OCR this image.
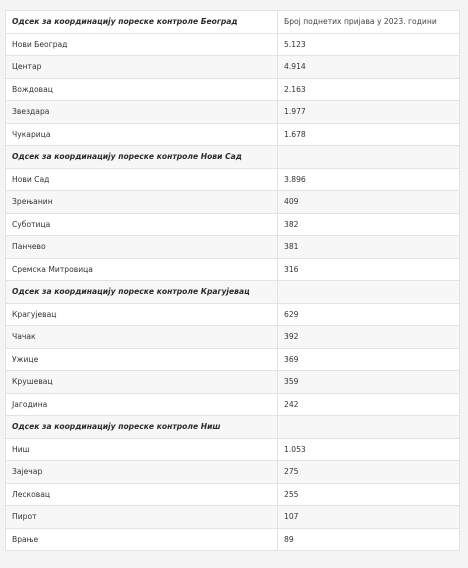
Одсек за координацију пореске контроле Београд	Број поднетих пријава у 2023. години
Нови Београд	5.123
Центар	4.914
Вождовац	2.163
Звездара	1.977
Чукарица	1.678
Одсек за координацију пореске контроле Нови Сад	
Нови Сад	3.896
Зрењанин	409
Суботица	382
Панчево	381
Сремска Митровица	316
Одсек за координацију пореске контроле Крагујевац	
Крагујевац	629
Чачак	392
Ужице	369
Крушевац	359
Јагодина	242
Одсек за координацију пореске контроле Ниш	
Ниш	1.053
Зајечар	275
Лесковац	255
Пирот	107
Врање	89
